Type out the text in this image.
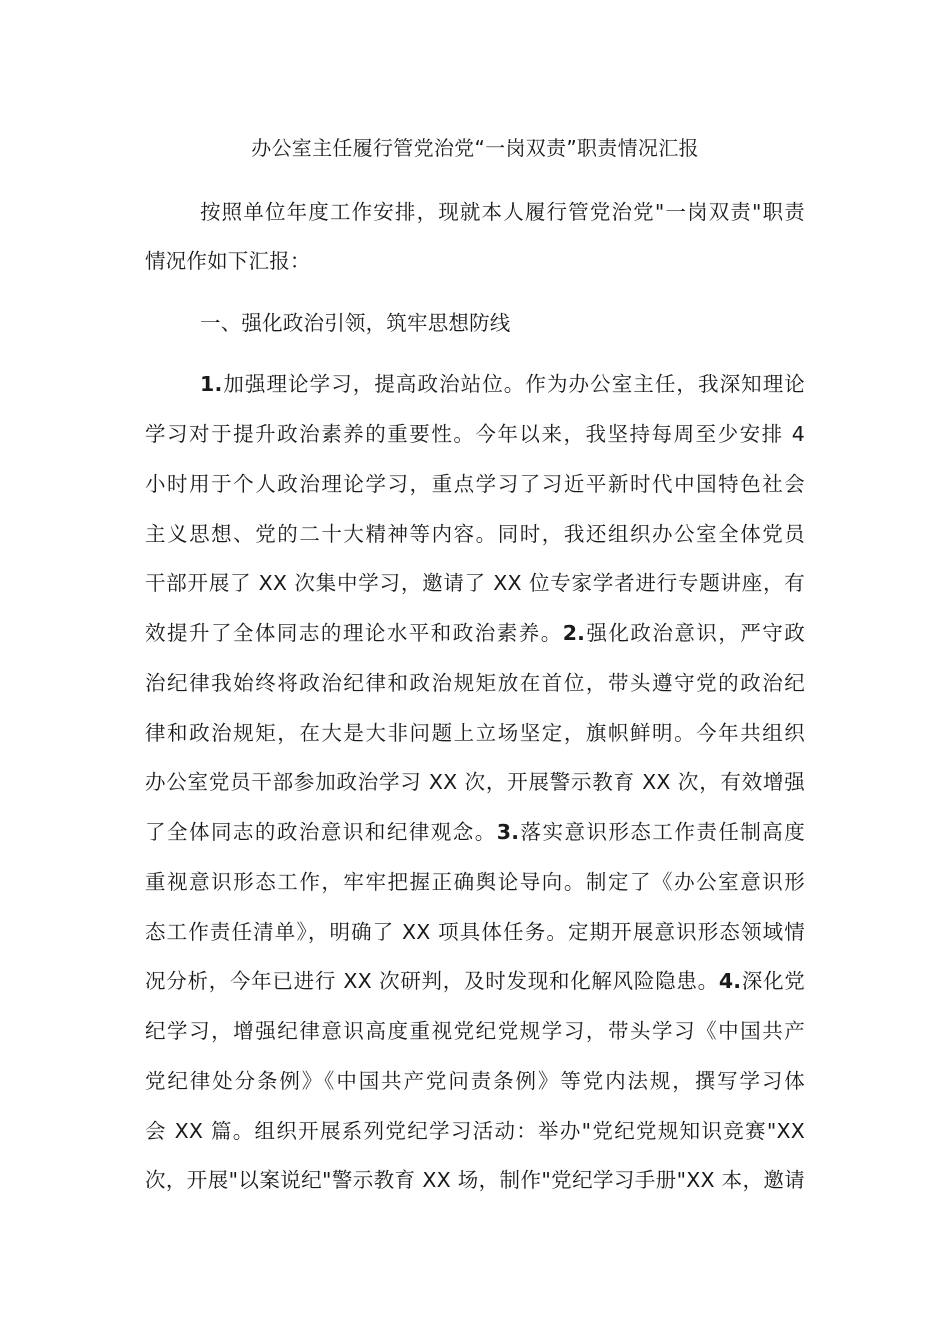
办公室主任履行管党治党“一岗双责”职责情况汇报

按照单位年度工作安排，现就本人履行管党治党"一岗双责"职责

情况作如下汇报：

一、强化政治引领，筑牢思想防线

1.加强理论学习，提高政治站位。作为办公室主任，我深知理论

学习对于提升政治素养的重要性。今年以来，我坚持每周至少安排 4

小时用于个人政治理论学习，重点学习了习近平新时代中国特色社会

主义思想、党的二十大精神等内容。同时，我还组织办公室全体党员

干部开展了 XX 次集中学习，邀请了 XX 位专家学者进行专题讲座，有

效提升了全体同志的理论水平和政治素养。2.强化政治意识，严守政

治纪律我始终将政治纪律和政治规矩放在首位，带头遵守党的政治纪

律和政治规矩，在大是大非问题上立场坚定，旗帜鲜明。今年共组织

办公室党员干部参加政治学习 XX 次，开展警示教育 XX 次，有效增强

了全体同志的政治意识和纪律观念。3.落实意识形态工作责任制高度

重视意识形态工作，牢牢把握正确舆论导向。制定了《办公室意识形

态工作责任清单》，明确了 XX 项具体任务。定期开展意识形态领域情

况分析，今年已进行 XX 次研判，及时发现和化解风险隐患。4.深化党

纪学习，增强纪律意识高度重视党纪党规学习，带头学习《中国共产

党纪律处分条例》《中国共产党问责条例》等党内法规，撰写学习体

会 XX 篇。组织开展系列党纪学习活动：举办"党纪党规知识竞赛"XX

次，开展"以案说纪"警示教育 XX 场，制作"党纪学习手册"XX 本，邀请
